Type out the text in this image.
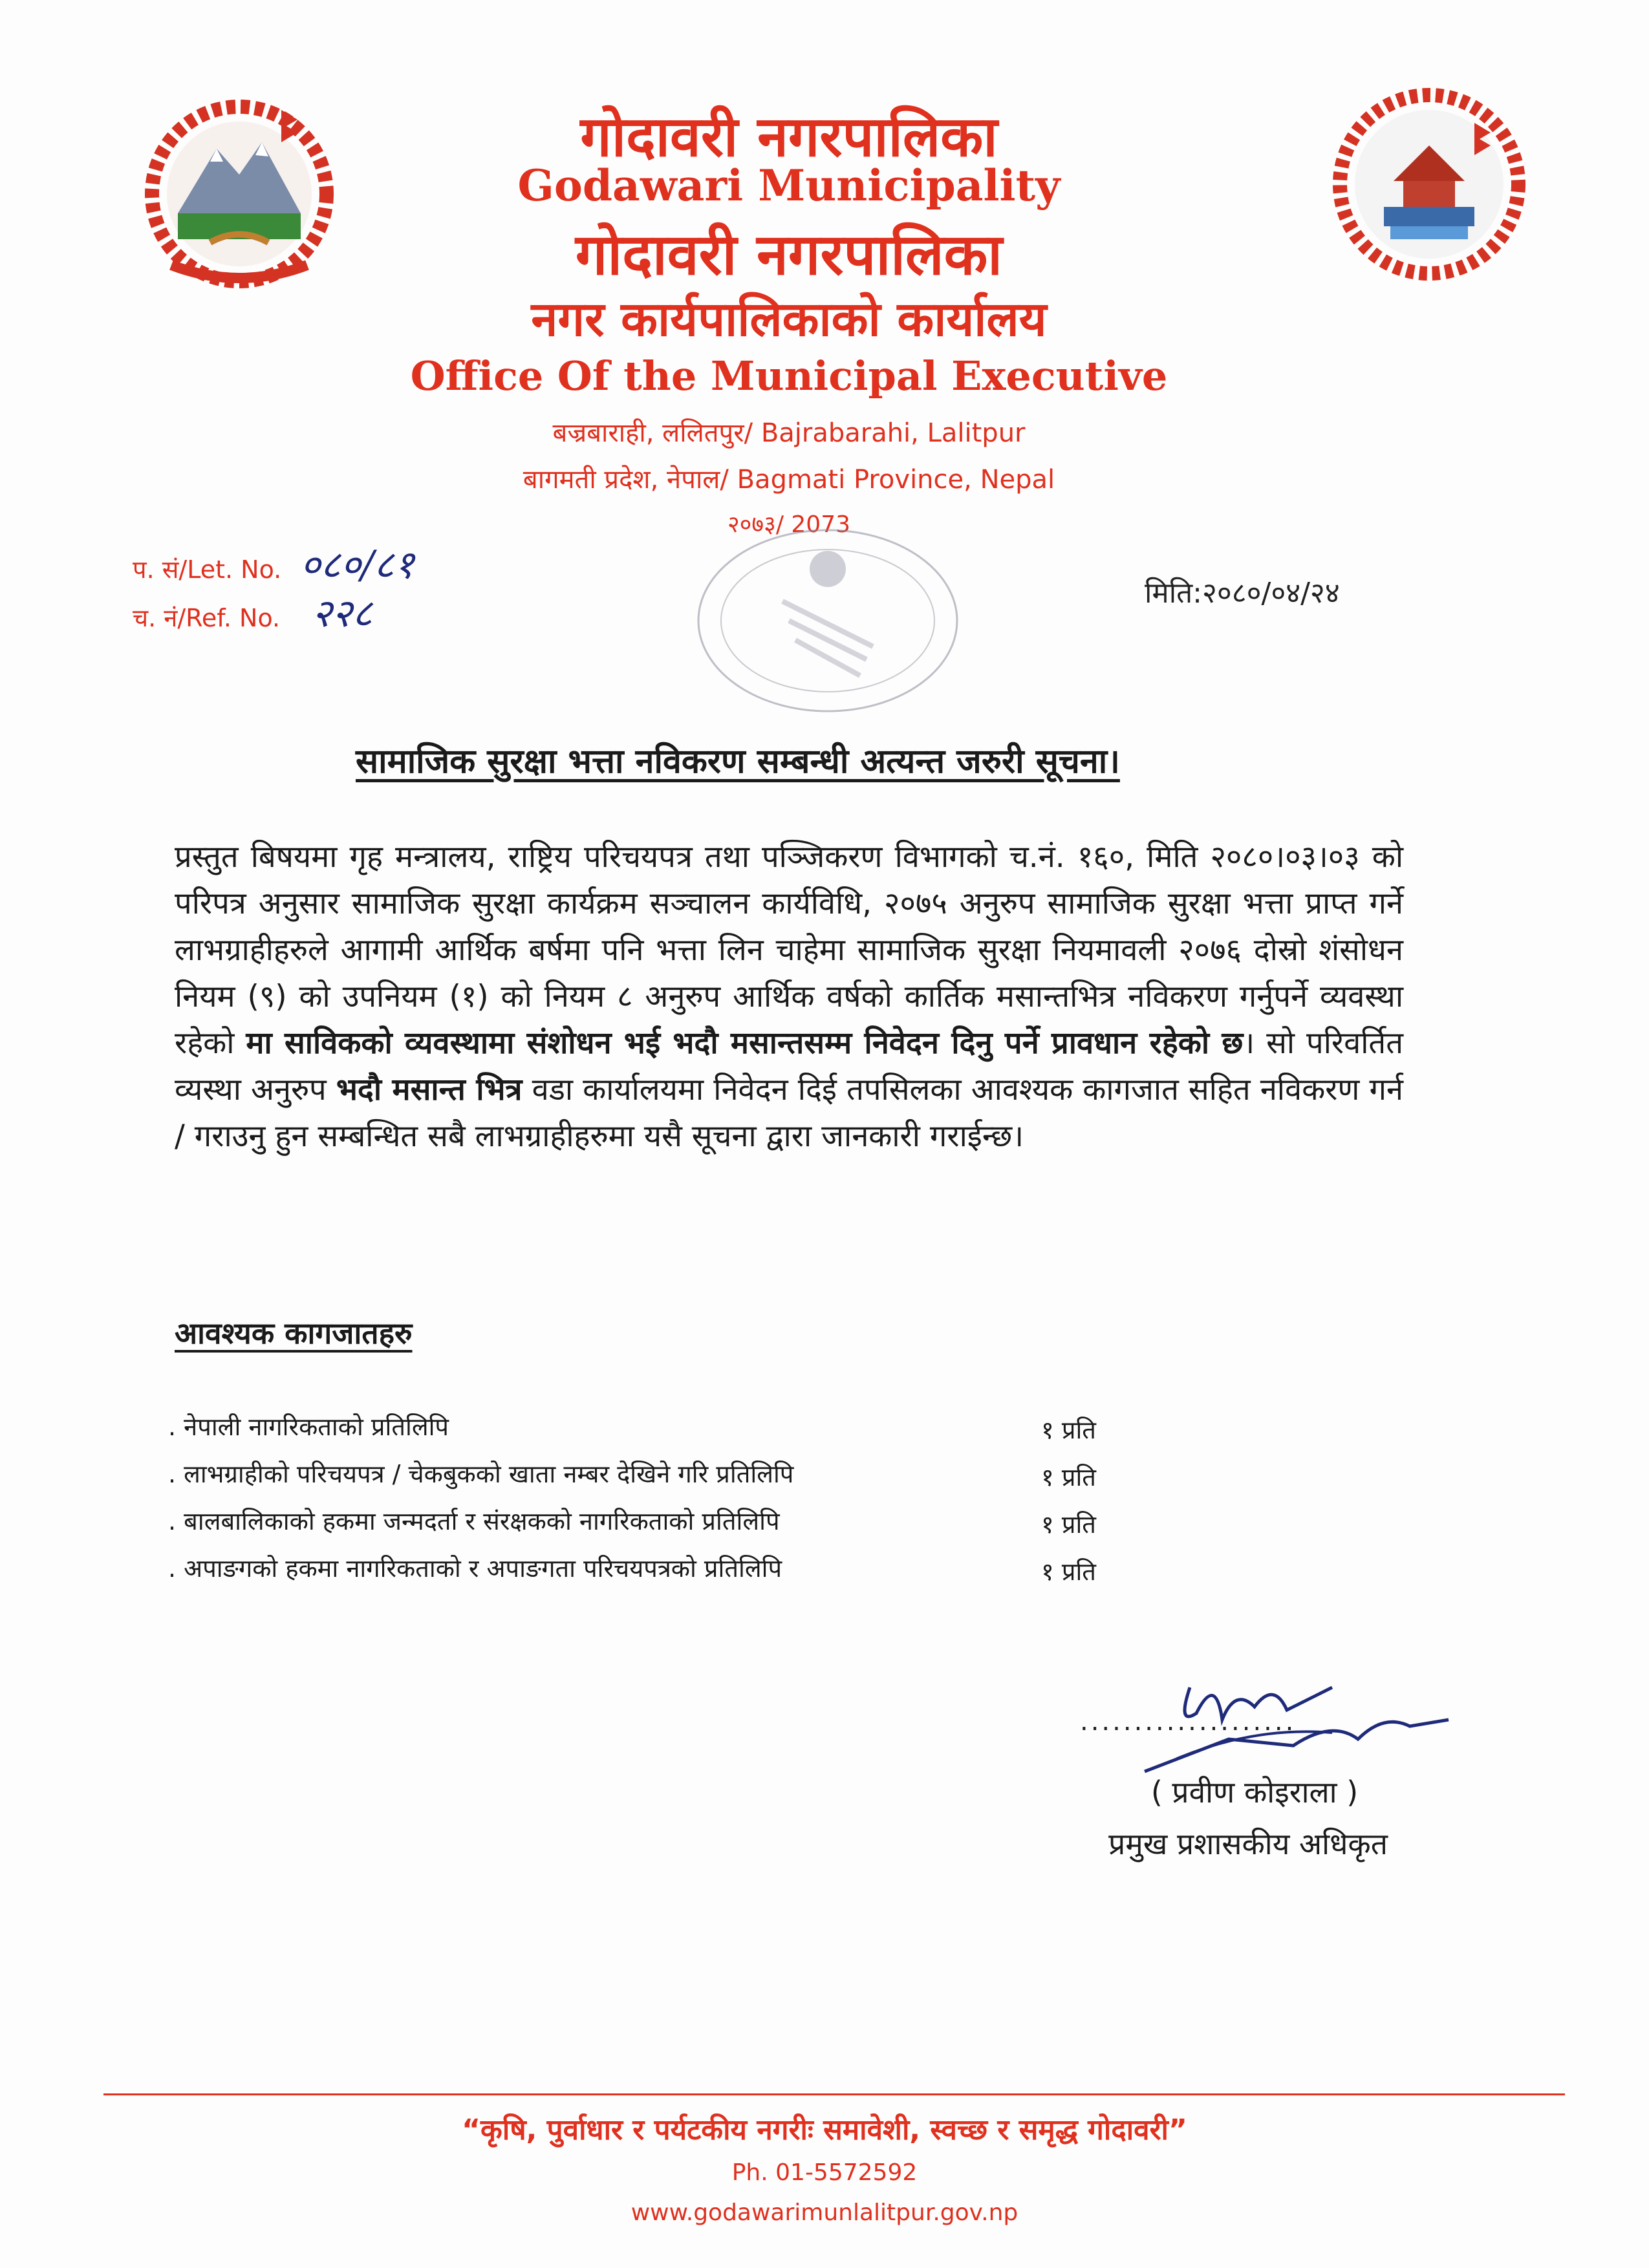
गोदावरी नगरपालिका
Godawari Municipality
गोदावरी नगरपालिका
नगर कार्यपालिकाको कार्यालय
Office Of the Municipal Executive
बज्रबाराही, ललितपुर/ Bajrabarahi, Lalitpur
बागमती प्रदेश, नेपाल/ Bagmati Province, Nepal
२०७३/ 2073
प. सं/Let. No. ०८०/८१
च. नं/Ref. No. २२८	मिति:२०८०/०४/२४
सामाजिक सुरक्षा भत्ता नविकरण सम्बन्धी अत्यन्त जरुरी सूचना।
प्रस्तुत बिषयमा गृह मन्त्रालय, राष्ट्रिय परिचयपत्र तथा पञ्जिकरण विभागको च.नं. १६०, मिति २०८०।०३।०३ को परिपत्र अनुसार सामाजिक सुरक्षा कार्यक्रम सञ्चालन कार्यविधि, २०७५ अनुरुप सामाजिक सुरक्षा भत्ता प्राप्त गर्ने लाभग्राहीहरुले आगामी आर्थिक बर्षमा पनि भत्ता लिन चाहेमा सामाजिक सुरक्षा नियमावली २०७६ दोस्रो शंसोधन नियम (९) को उपनियम (१) को नियम ८ अनुरुप आर्थिक वर्षको कार्तिक मसान्तभित्र नविकरण गर्नुपर्ने व्यवस्था रहेको मा साविकको व्यवस्थामा संशोधन भई भदौ मसान्तसम्म निवेदन दिनु पर्ने प्रावधान रहेको छ। सो परिवर्तित व्यस्था अनुरुप भदौ मसान्त भित्र वडा कार्यालयमा निवेदन दिई तपसिलका आवश्यक कागजात सहित नविकरण गर्न / गराउनु हुन सम्बन्धित सबै लाभग्राहीहरुमा यसै सूचना द्वारा जानकारी गराईन्छ।
आवश्यक कागजातहरु
. नेपाली नागरिकताको प्रतिलिपि	१ प्रति
. लाभग्राहीको परिचयपत्र / चेकबुकको खाता नम्बर देखिने गरि प्रतिलिपि	१ प्रति
. बालबालिकाको हकमा जन्मदर्ता र संरक्षकको नागरिकताको प्रतिलिपि	१ प्रति
. अपाङगको हकमा नागरिकताको र अपाङगता परिचयपत्रको प्रतिलिपि	१ प्रति
....................
( प्रवीण कोइराला )
प्रमुख प्रशासकीय अधिकृत
“कृषि, पुर्वाधार र पर्यटकीय नगरीः समावेशी, स्वच्छ र समृद्ध गोदावरी”
Ph. 01-5572592
www.godawarimunlalitpur.gov.np
